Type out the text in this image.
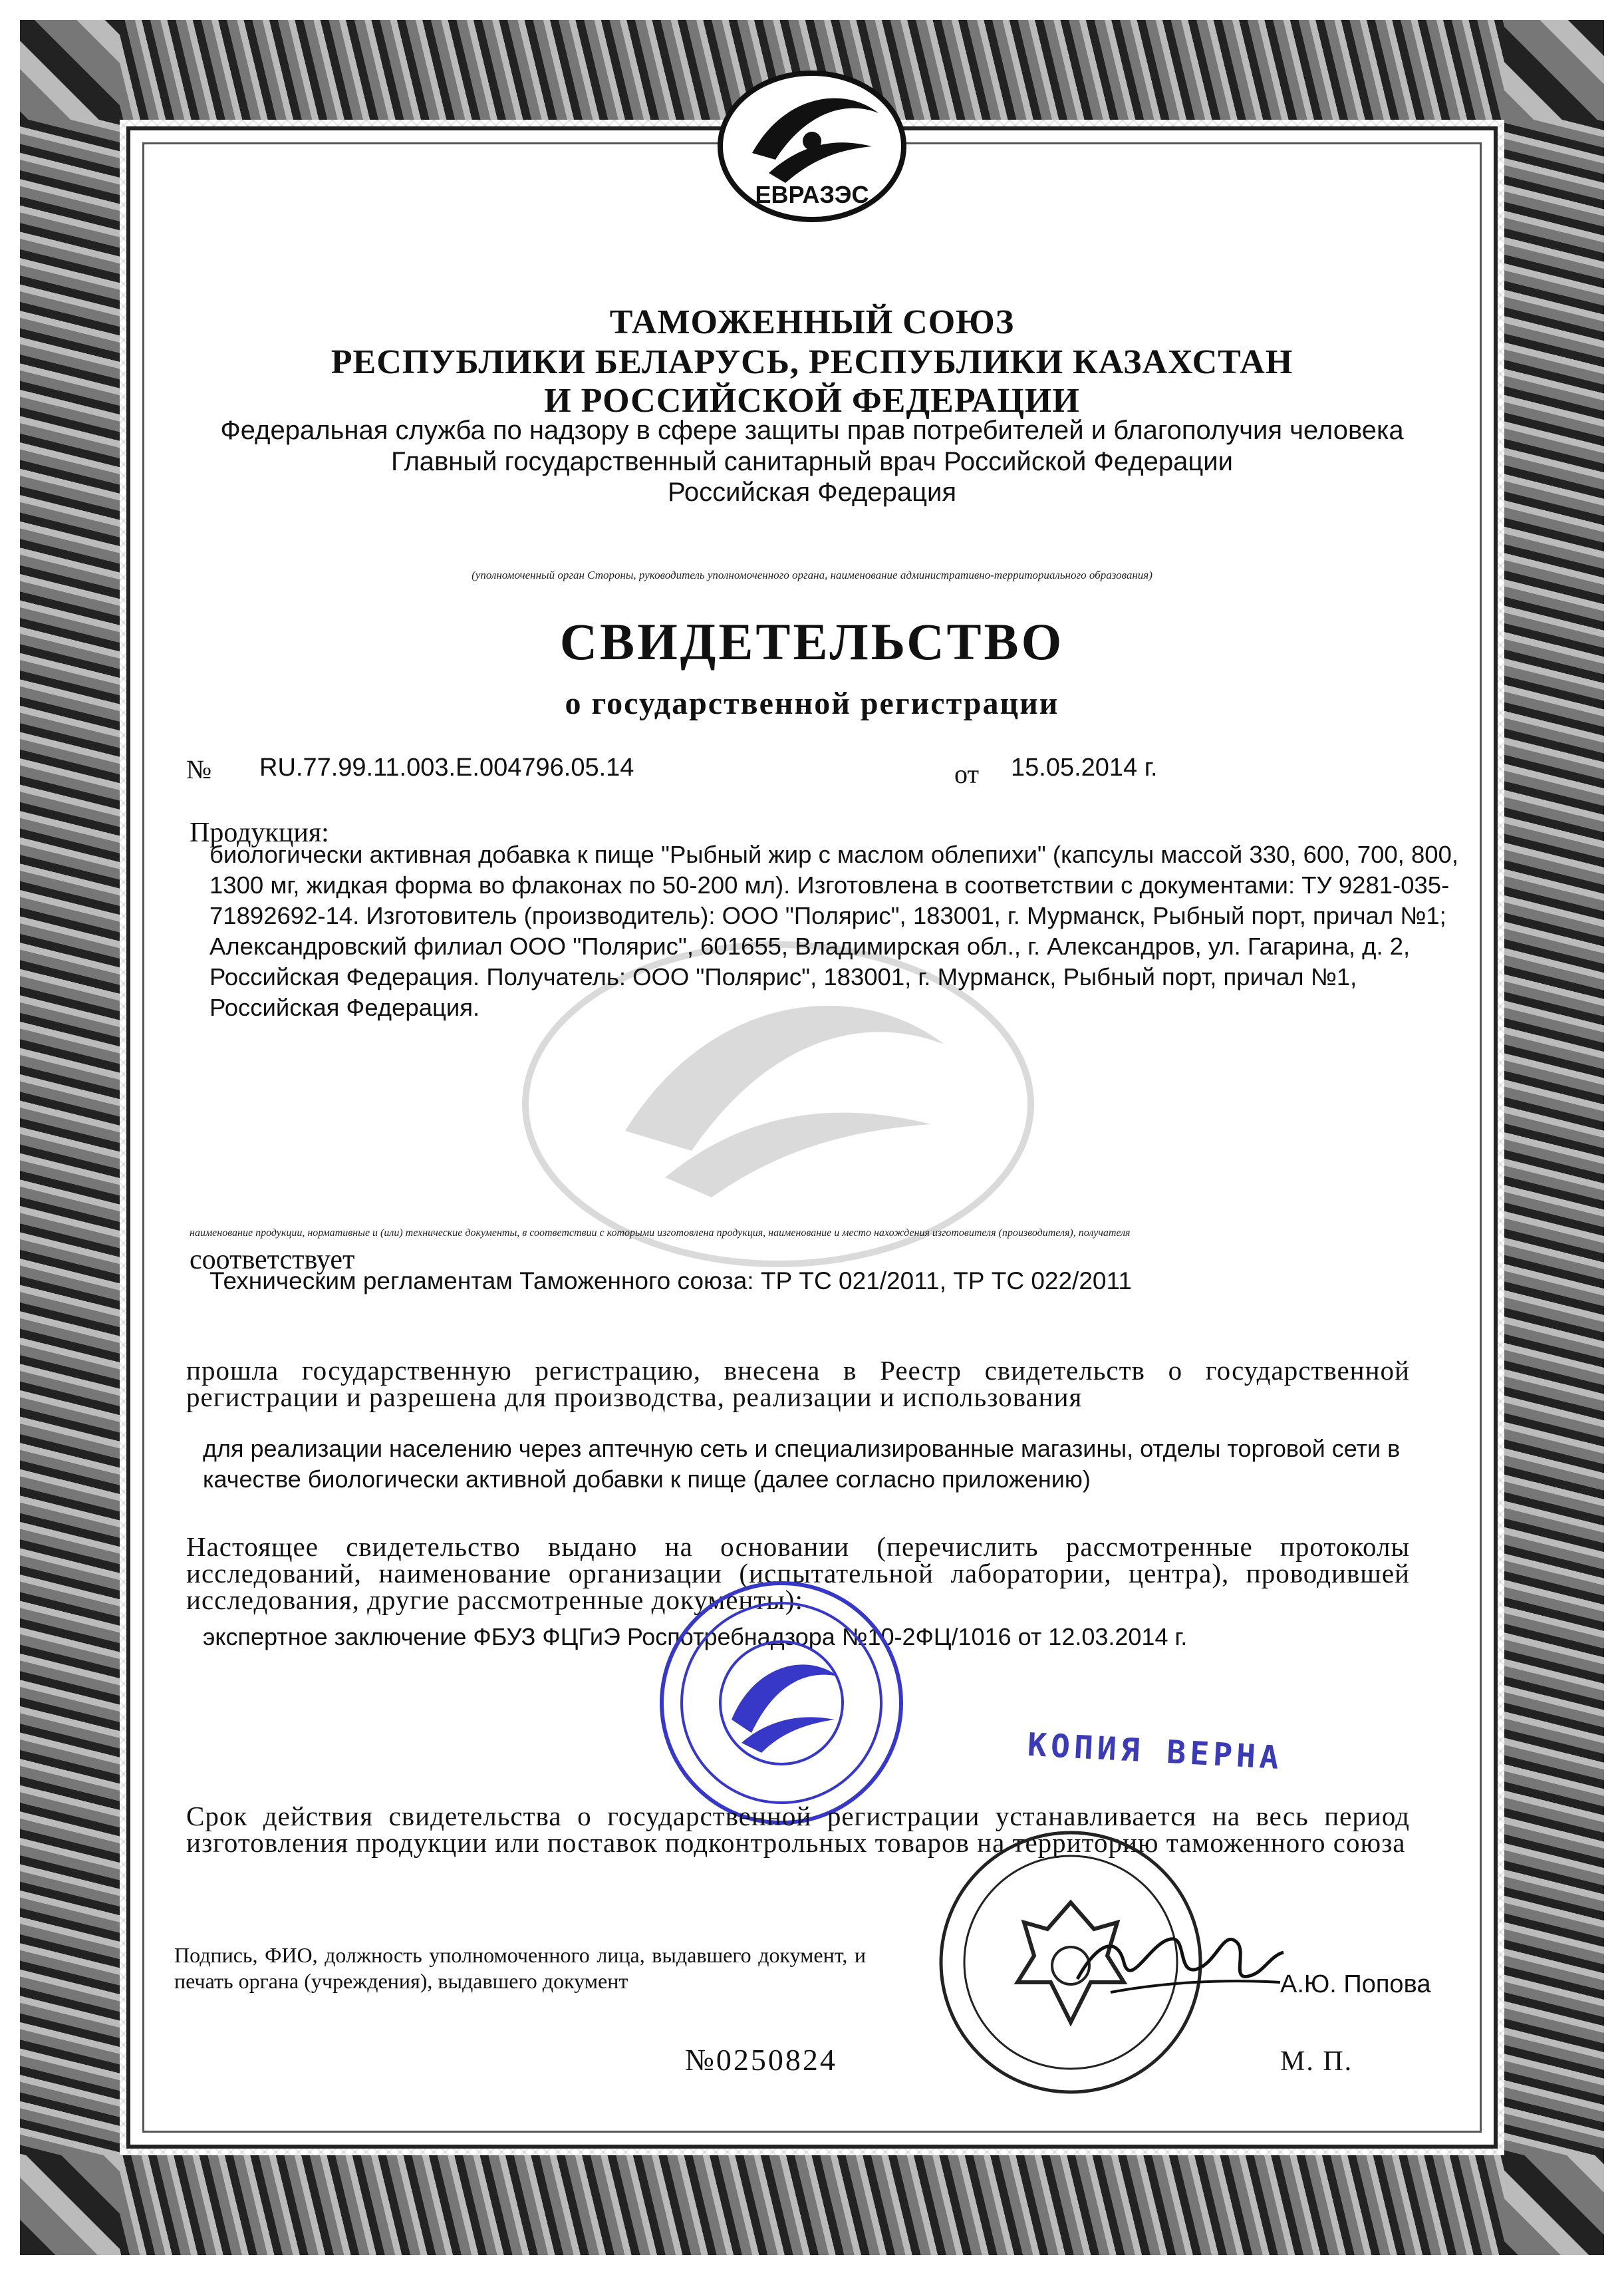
ЕВРАЗЭС
ТАМОЖЕННЫЙ СОЮЗ
РЕСПУБЛИКИ БЕЛАРУСЬ, РЕСПУБЛИКИ КАЗАХСТАН
И РОССИЙСКОЙ ФЕДЕРАЦИИ
Федеральная служба по надзору в сфере защиты прав потребителей и благополучия человека
Главный государственный санитарный врач Российской Федерации
Российская Федерация
(уполномоченный орган Стороны, руководитель уполномоченного органа, наименование административно-территориального образования)
СВИДЕТЕЛЬСТВО
о государственной регистрации
№ RU.77.99.11.003.Е.004796.05.14	от 15.05.2014 г.
Продукция:
биологически активная добавка к пище "Рыбный жир с маслом облепихи" (капсулы массой 330, 600, 700, 800, 1300 мг, жидкая форма во флаконах по 50-200 мл). Изготовлена в соответствии с документами: ТУ 9281-035-71892692-14. Изготовитель (производитель): ООО "Полярис", 183001, г. Мурманск, Рыбный порт, причал №1; Александровский филиал ООО "Полярис", 601655, Владимирская обл., г. Александров, ул. Гагарина, д. 2, Российская Федерация. Получатель: ООО "Полярис", 183001, г. Мурманск, Рыбный порт, причал №1, Российская Федерация.
наименование продукции, нормативные и (или) технические документы, в соответствии с которыми изготовлена продукция, наименование и место нахождения изготовителя (производителя), получателя
соответствует
Техническим регламентам Таможенного союза: ТР ТС 021/2011, ТР ТС 022/2011
прошла государственную регистрацию, внесена в Реестр свидетельств о государственной регистрации и разрешена для производства, реализации и использования
для реализации населению через аптечную сеть и специализированные магазины, отделы торговой сети в качестве биологически активной добавки к пище (далее согласно приложению)
Настоящее свидетельство выдано на основании (перечислить рассмотренные протоколы исследований, наименование организации (испытательной лаборатории, центра), проводившей исследования, другие рассмотренные документы):
экспертное заключение ФБУЗ ФЦГиЭ Роспотребнадзора №10-2ФЦ/1016 от 12.03.2014 г.
КОПИЯ ВЕРНА
Срок действия свидетельства о государственной регистрации устанавливается на весь период изготовления продукции или поставок подконтрольных товаров на территорию таможенного союза
Подпись, ФИО, должность уполномоченного лица, выдавшего документ, и печать органа (учреждения), выдавшего документ	А.Ю. Попова
№0250824	М. П.
